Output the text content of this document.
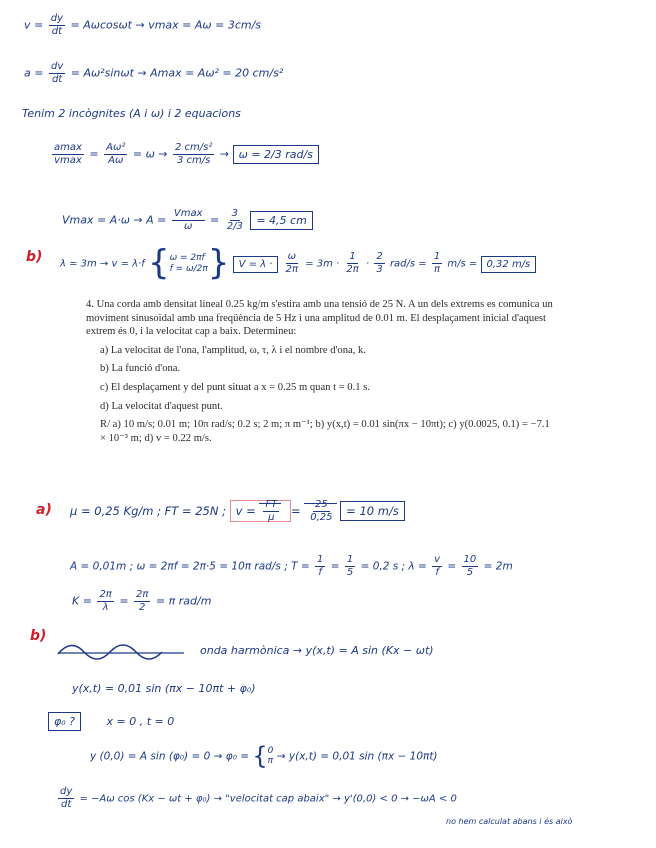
$v = \frac{dy}{dt} = A\omega\cos\omega t \to vmax = A\omega = 3cm/s$
$a = \frac{dv}{dt} = A\omega^2\sin\omega t \to Amax = A\omega^2 = 20$ cm/s²
Tenim 2 incògnites (A i ω) i 2 equacions
$\frac{amax}{vmax} = \frac{\text{Aω²}}{A\omega} = \omega \to \frac{\text{2 cm/s²}}{3 cm/s} \to \omega = 2/3$ rad/s
$Vmax = A\cdot\omega \to A = \frac{Vmax}{\omega} = \frac{3}{2/3} = 4,5$ cm
b) λ = 3m → v = λ·f { ω = 2πf
f = ω/2π } $V = \lambda \cdot \frac{\omega}{2\pi} = 3m \cdot \frac{1}{2\pi} \cdot \frac{2}{3} rad/s = \frac{1}{\pi} m/s = 0,32$ m/s

4. Una corda amb densitat lineal 0.25 kg/m s'estira amb una tensió de 25 N. A un dels extrems es comunica un moviment sinusoïdal amb una freqüència de 5 Hz i una amplitud de 0.01 m. El desplaçament inicial d'aquest extrem és 0, i la velocitat cap a baix. Determineu:

a) La velocitat de l'ona, l'amplitud, ω, τ, λ i el nombre d'ona, k.

b) La funció d'ona.

c) El desplaçament y del punt situat a x = 0.25 m quan t = 0.1 s.

d) La velocitat d'aquest punt.

R/ a) 10 m/s; 0.01 m; 10π rad/s; 0.2 s; 2 m; π m⁻¹; b) y(x,t) = 0.01 sin(πx − 10πt); c) y(0.0025, 0.1) = −7.1 × 10⁻³ m; d) v = 0.22 m/s.

a) μ = 0,25 Kg/m ; FT = 25N ; $v = \frac{FT}{\mu} = \frac{25}{0,25} = 10$ m/s
A = 0,01m ; ω = 2πf = 2π·5 = 10π rad/s ; $T = \frac{1}{f} = \frac{1}{5} = 0,2$ s ; $\lambda = \frac{v}{f} = \frac{10}{5} = 2m$
$K = \frac{2\pi}{\lambda} = \frac{2\pi}{2} = \pi$ rad/m
b)
onda harmònica → y(x,t) = A sin (Kx − ωt)
y(x,t) = 0,01 sin (πx − 10πt + φ₀)
φ₀ ?	x = 0 , t = 0
y (0,0) = A sin (φ₀) = 0 → φ₀ = { 0
π → y(x,t) = 0,01 sin (πx − 10πt)
$\frac{dy}{dt} = -A\omega$ cos (Kx − ωt + φ₀) → "velocitat cap abaix" → y'(0,0) < 0 → −ωA < 0
no hem calculat abans i és això
